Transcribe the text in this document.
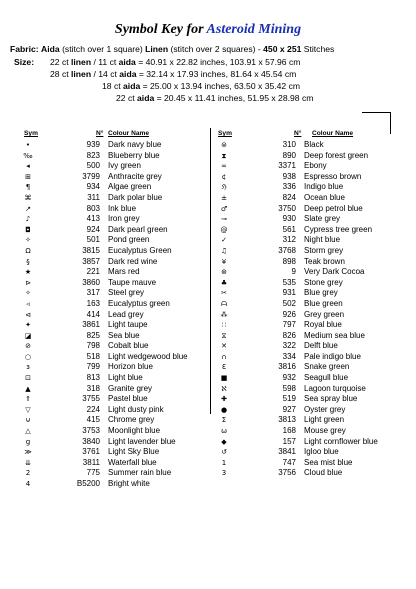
Symbol Key for Asteroid Mining
Fabric: Aida (stitch over 1 square) Linen (stitch over 2 squares) - 450 x 251 Stitches
Size: 22 ct linen / 11 ct aida = 40.91 x 22.82 inches, 103.91 x 57.96 cm
28 ct linen / 14 ct aida = 32.14 x 17.93 inches, 81.64 x 45.54 cm
18 ct aida = 25.00 x 13.94 inches, 63.50 x 35.42 cm
22 ct aida = 20.45 x 11.41 inches, 51.95 x 28.98 cm
Sym	N° Colour Name	Sym	N° Colour Name
•	939 Dark navy blue
‰	823 Blueberry blue
◂	500 Ivy green
⊞	3799 Anthracite grey
¶	934 Algae green
⌘	311 Dark polar blue
↗	803 Ink blue
♪	413 Iron grey
◘	924 Dark pearl green
✧	501 Pond green
Ω	3815 Eucalyptus Green
§	3857 Dark red wine
★	221 Mars red
⊳	3860 Taupe mauve
✧	317 Steel grey
◃	163 Eucalyptus green
⊲	414 Lead grey
✦	3861 Light taupe
◪	825 Sea blue
⊘	798 Cobalt blue
○	518 Light wedgewood blue
ɜ	799 Horizon blue
⊡	813 Light blue
▲	318 Granite grey
⇑	3755 Pastel blue
▽	224 Light dusty pink
⊍	415 Chrome grey
△	3753 Moonlight blue
g	3840 Light lavender blue
≫	3761 Light Sky Blue
⇊	3811 Waterfall blue
2	775 Summer rain blue
4	B5200 Bright white
⊜	310 Black
⧗	890 Deep forest green
∞	3371 Ebony
¢	938 Espresso brown
ℌ	336 Indigo blue
±	824 Ocean blue
♂	3750 Deep petrol blue
⊸	930 Slate grey
@	561 Cypress tree green
✓	312 Night blue
♫	3768 Storm grey
¥	898 Teak brown
⊛	9 Very Dark Cocoa
♣	535 Stone grey
✂	931 Blue grey
ᗩ	502 Blue green
⁂	926 Grey green
∷	797 Royal blue
⧖	826 Medium sea blue
✕	322 Delft blue
∩	334 Pale indigo blue
Ɛ	3816 Snake green
■	932 Seagull blue
ℵ	598 Lagoon turquoise
✚	519 Sea spray blue
●	927 Oyster grey
Σ	3813 Light green
ω	168 Mouse grey
◆	157 Light cornflower blue
↺	3841 Igloo blue
1	747 Sea mist blue
3	3756 Cloud blue
